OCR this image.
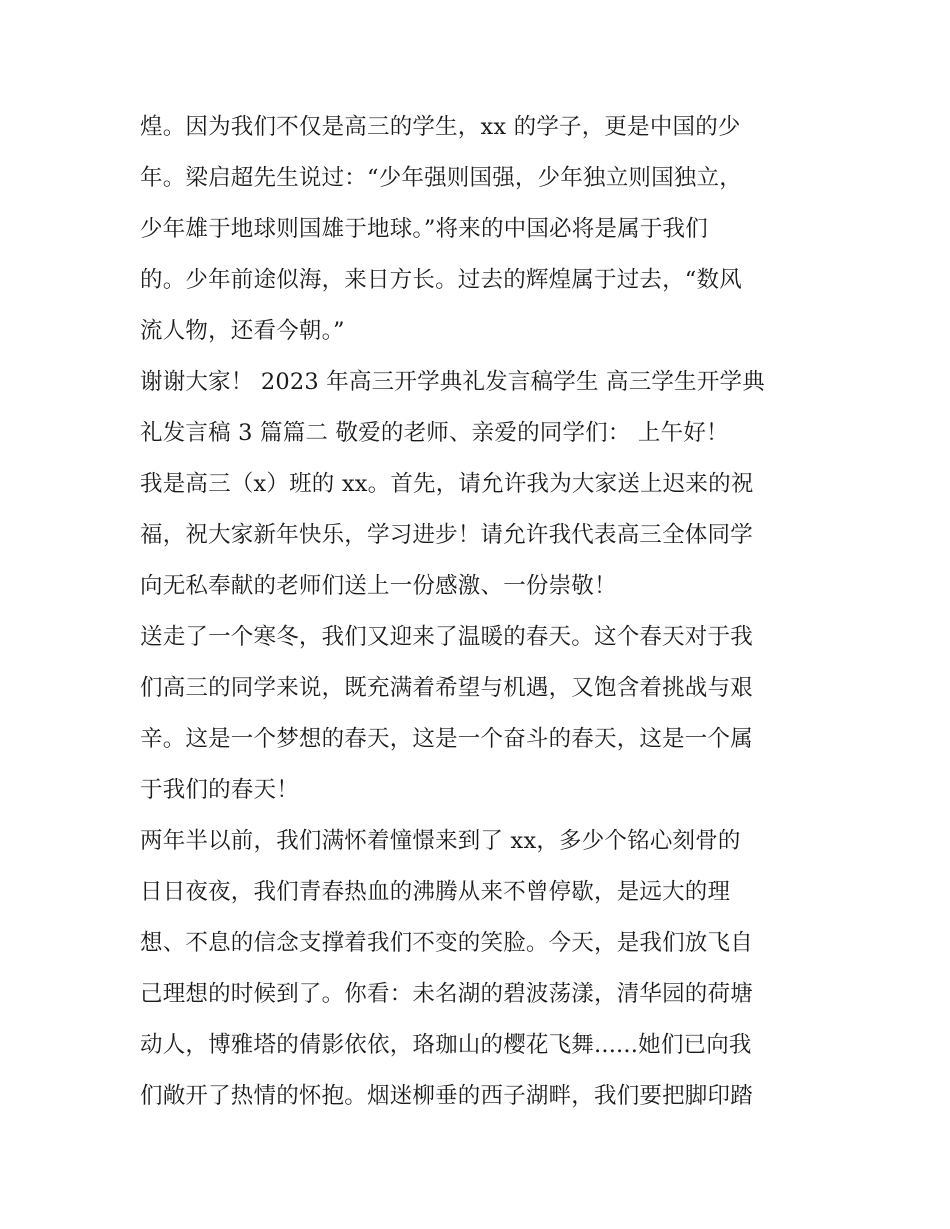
煌。因为我们不仅是高三的学生，xx 的学子，更是中国的少
年。梁启超先生说过：“少年强则国强，少年独立则国独立，
少年雄于地球则国雄于地球。”将来的中国必将是属于我们
的。少年前途似海，来日方长。过去的辉煌属于过去，“数风
流人物，还看今朝。”
谢谢大家！ 2023 年高三开学典礼发言稿学生 高三学生开学典
礼发言稿 3 篇篇二 敬爱的老师、亲爱的同学们： 上午好！
我是高三（x）班的 xx。首先，请允许我为大家送上迟来的祝
福，祝大家新年快乐，学习进步！请允许我代表高三全体同学
向无私奉献的老师们送上一份感激、一份崇敬！
送走了一个寒冬，我们又迎来了温暖的春天。这个春天对于我
们高三的同学来说，既充满着希望与机遇，又饱含着挑战与艰
辛。这是一个梦想的春天，这是一个奋斗的春天，这是一个属
于我们的春天！
两年半以前，我们满怀着憧憬来到了 xx，多少个铭心刻骨的
日日夜夜，我们青春热血的沸腾从来不曾停歇，是远大的理
想、不息的信念支撑着我们不变的笑脸。今天，是我们放飞自
己理想的时候到了。你看：未名湖的碧波荡漾，清华园的荷塘
动人，博雅塔的倩影依依，珞珈山的樱花飞舞......她们已向我
们敞开了热情的怀抱。烟迷柳垂的西子湖畔，我们要把脚印踏
